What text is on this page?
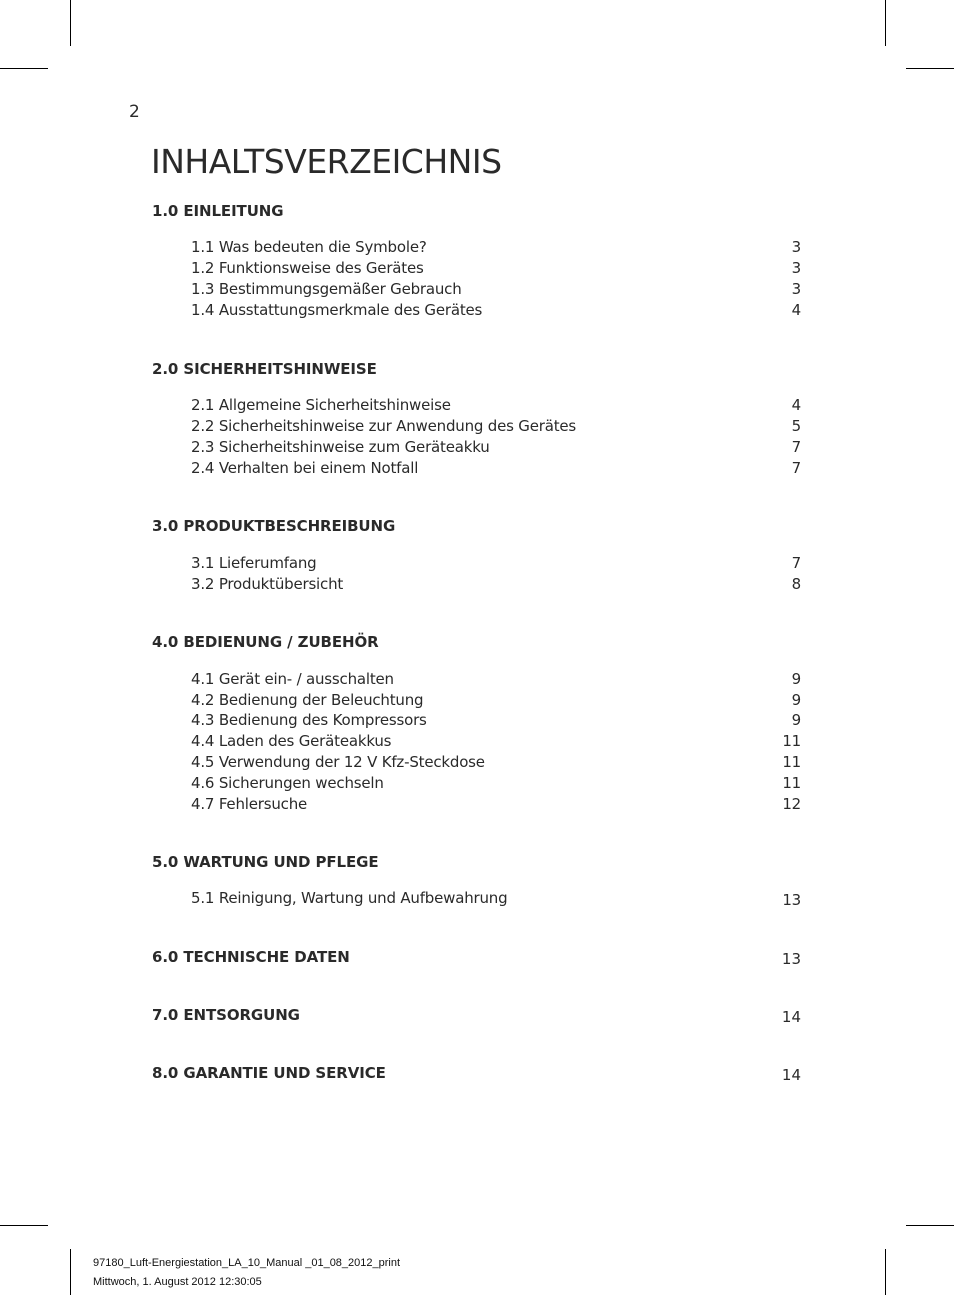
2
INHALTSVERZEICHNIS
1.0 EINLEITUNG
1.1 Was bedeuten die Symbole?	3
1.2 Funktionsweise des Gerätes	3
1.3 Bestimmungsgemäßer Gebrauch	3
1.4 Ausstattungsmerkmale des Gerätes	4
2.0 SICHERHEITSHINWEISE
2.1 Allgemeine Sicherheitshinweise	4
2.2 Sicherheitshinweise zur Anwendung des Gerätes	5
2.3 Sicherheitshinweise zum Geräteakku	7
2.4 Verhalten bei einem Notfall	7
3.0 PRODUKTBESCHREIBUNG
3.1 Lieferumfang	7
3.2 Produktübersicht	8
4.0 BEDIENUNG / ZUBEHÖR
4.1 Gerät ein- / ausschalten	9
4.2 Bedienung der Beleuchtung	9
4.3 Bedienung des Kompressors	9
4.4 Laden des Geräteakkus	11
4.5 Verwendung der 12 V Kfz-Steckdose	11
4.6 Sicherungen wechseln	11
4.7 Fehlersuche	12
5.0 WARTUNG UND PFLEGE
5.1 Reinigung, Wartung und Aufbewahrung	13
6.0 TECHNISCHE DATEN	13
7.0 ENTSORGUNG	14
8.0 GARANTIE UND SERVICE	14
97180_Luft-Energiestation_LA_10_Manual _01_08_2012_print
Mittwoch, 1. August 2012 12:30:05
